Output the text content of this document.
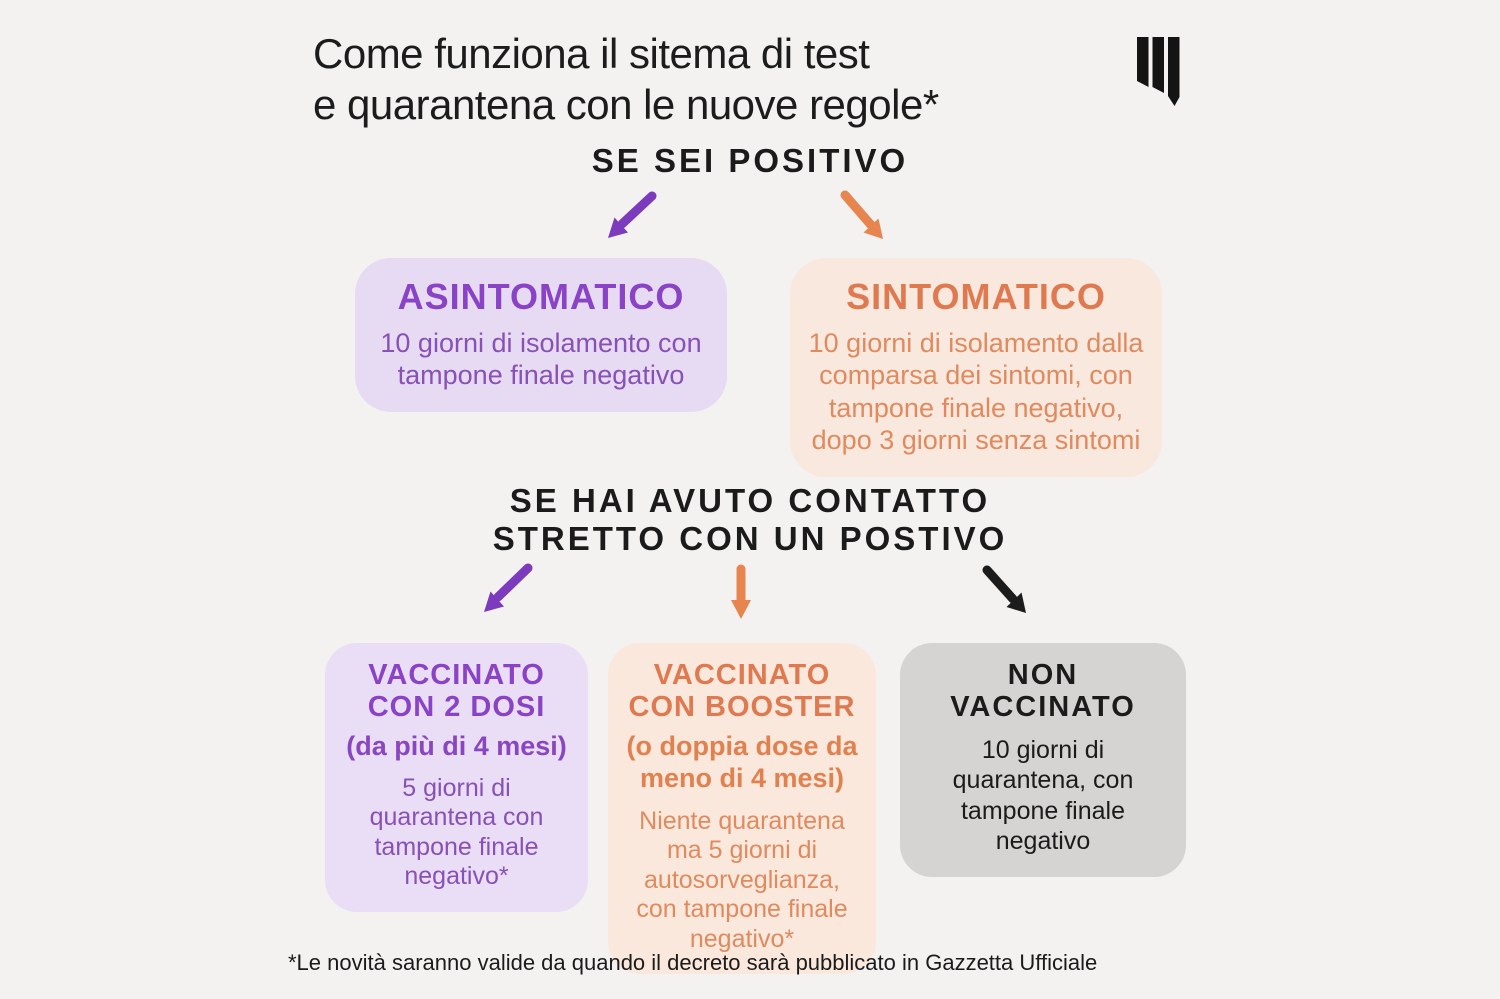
Come funziona il sitema di test
e quarantena con le nuove regole*
SE SEI POSITIVO
ASINTOMATICO
10 giorni di isolamento con tampone finale negativo
SINTOMATICO
10 giorni di isolamento dalla comparsa dei sintomi, con tampone finale negativo, dopo 3 giorni senza sintomi
SE HAI AVUTO CONTATTO
STRETTO CON UN POSTIVO
VACCINATO CON 2 DOSI
(da più di 4 mesi)
5 giorni di quarantena con tampone finale negativo*
VACCINATO CON BOOSTER
(o doppia dose da meno di 4 mesi)
Niente quarantena ma 5 giorni di autosorveglianza, con tampone finale negativo*
NON VACCINATO
10 giorni di quarantena, con tampone finale negativo
*Le novità saranno valide da quando il decreto sarà pubblicato in Gazzetta Ufficiale
